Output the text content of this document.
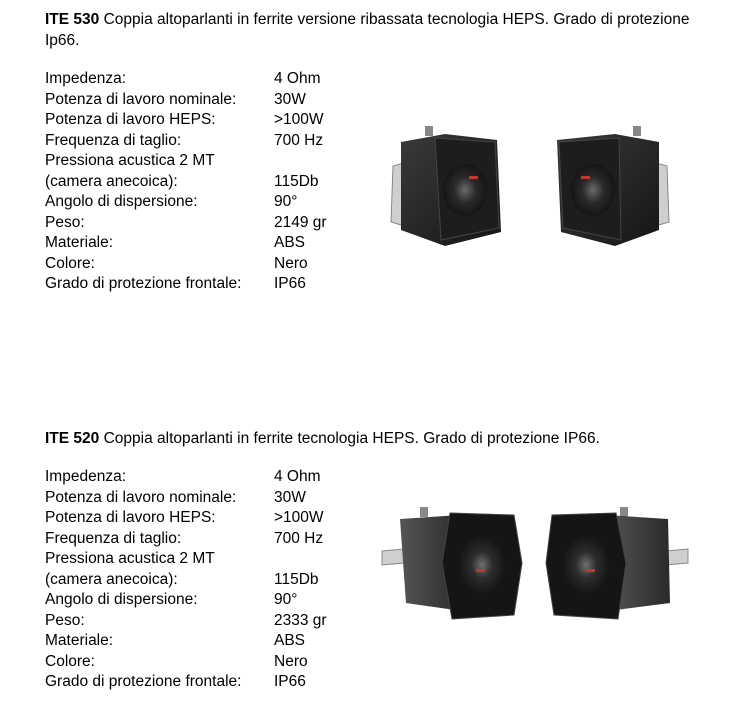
ITE 530 Coppia altoparlanti in ferrite versione ribassata tecnologia HEPS. Grado di protezione Ip66.

Impedenza:	4 Ohm
Potenza di lavoro nominale:	30W
Potenza di lavoro HEPS:	>100W
Frequenza di taglio:	700 Hz
Pressiona acustica 2 MT
(camera anecoica):	115Db
Angolo di dispersione:	90°
Peso:	2149 gr
Materiale:	ABS
Colore:	Nero
Grado di protezione frontale:	IP66

ITE 520 Coppia altoparlanti in ferrite tecnologia HEPS. Grado di protezione IP66.

Impedenza:	4 Ohm
Potenza di lavoro nominale:	30W
Potenza di lavoro HEPS:	>100W
Frequenza di taglio:	700 Hz
Pressiona acustica 2 MT
(camera anecoica):	115Db
Angolo di dispersione:	90°
Peso:	2333 gr
Materiale:	ABS
Colore:	Nero
Grado di protezione frontale:	IP66
